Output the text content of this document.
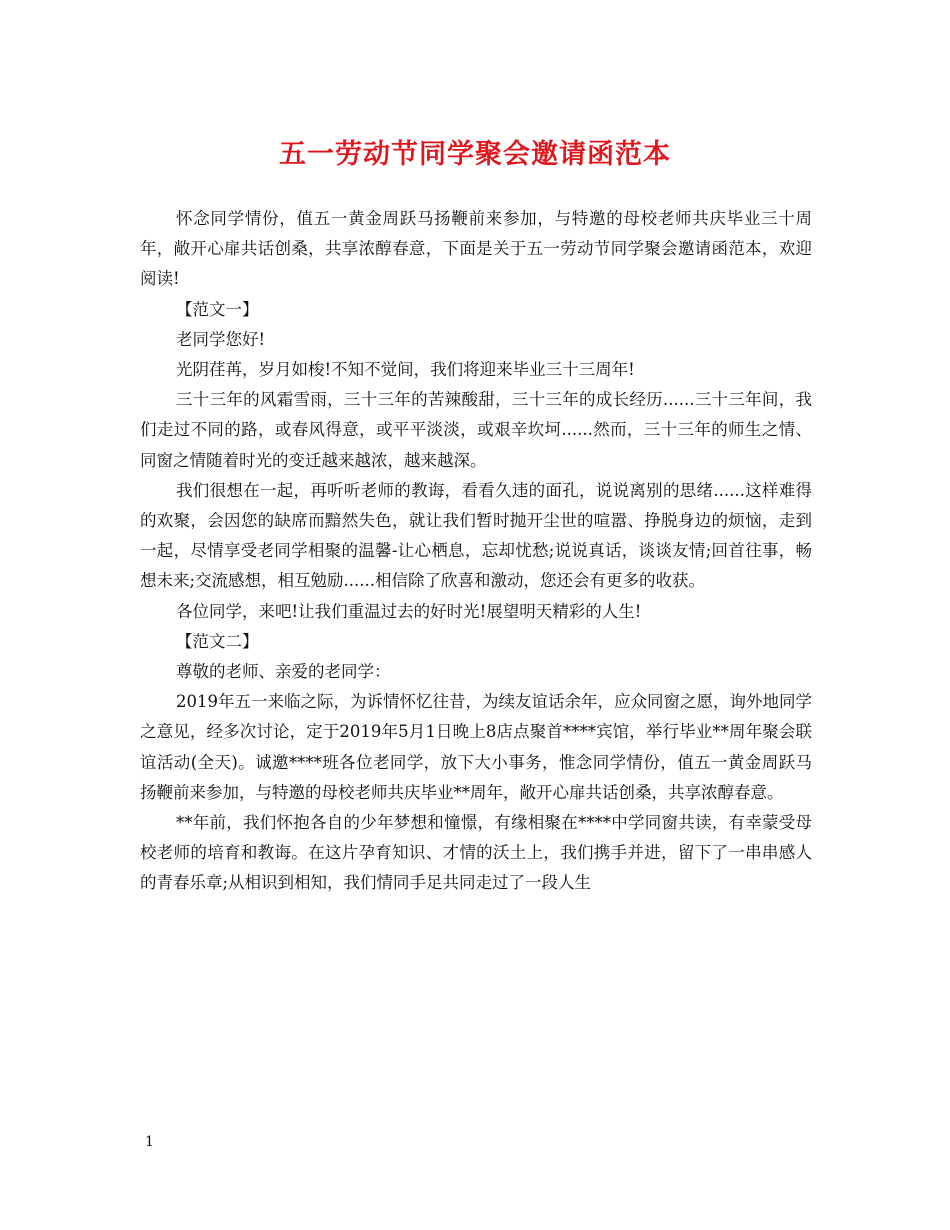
五一劳动节同学聚会邀请函范本

怀念同学情份，值五一黄金周跃马扬鞭前来参加，与特邀的母校老师共庆毕业三十周年，敞开心扉共话创桑，共享浓醇春意，下面是关于五一劳动节同学聚会邀请函范本，欢迎阅读!

【范文一】

老同学您好!

光阴荏苒，岁月如梭!不知不觉间，我们将迎来毕业三十三周年!

三十三年的风霜雪雨，三十三年的苦辣酸甜，三十三年的成长经历......三十三年间，我们走过不同的路，或春风得意，或平平淡淡，或艰辛坎坷......然而，三十三年的师生之情、同窗之情随着时光的变迁越来越浓，越来越深。

我们很想在一起，再听听老师的教诲，看看久违的面孔，说说离别的思绪......这样难得的欢聚，会因您的缺席而黯然失色，就让我们暂时抛开尘世的喧嚣、挣脱身边的烦恼，走到一起，尽情享受老同学相聚的温馨-让心栖息，忘却忧愁;说说真话，谈谈友情;回首往事，畅想未来;交流感想，相互勉励......相信除了欣喜和激动，您还会有更多的收获。

各位同学，来吧!让我们重温过去的好时光!展望明天精彩的人生!

【范文二】

尊敬的老师、亲爱的老同学：

2019年五一来临之际，为诉情怀忆往昔，为续友谊话余年，应众同窗之愿，询外地同学之意见，经多次讨论，定于2019年5月1日晚上8店点聚首****宾馆，举行毕业**周年聚会联谊活动(全天)。诚邀****班各位老同学，放下大小事务，惟念同学情份，值五一黄金周跃马扬鞭前来参加，与特邀的母校老师共庆毕业**周年，敞开心扉共话创桑，共享浓醇春意。

**年前，我们怀抱各自的少年梦想和憧憬，有缘相聚在****中学同窗共读，有幸蒙受母校老师的培育和教诲。在这片孕育知识、才情的沃土上，我们携手并进，留下了一串串感人的青春乐章;从相识到相知，我们情同手足共同走过了一段人生

1
